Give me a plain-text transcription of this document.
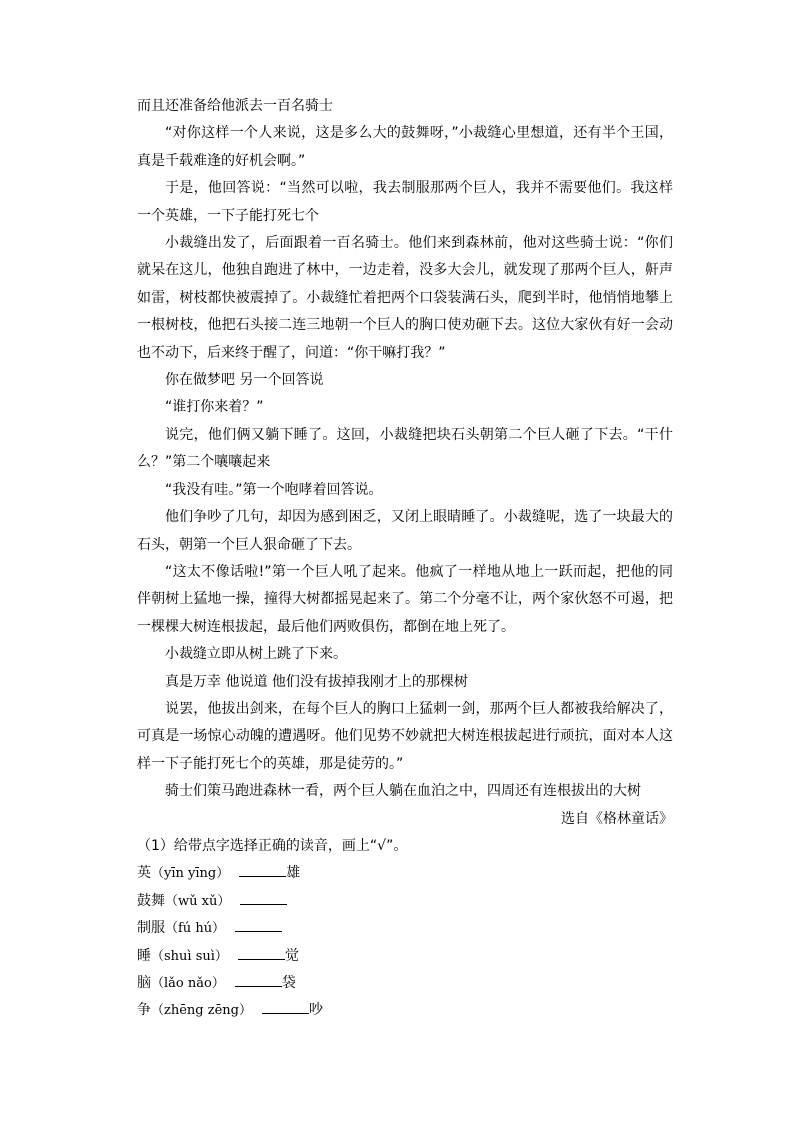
而且还准备给他派去一百名骑士

“对你这样一个人来说，这是多么大的鼓舞呀，”小裁缝心里想道，还有半个王国，真是千载难逢的好机会啊。”

于是，他回答说：“当然可以啦，我去制服那两个巨人，我并不需要他们。我这样一个英雄，一下子能打死七个

小裁缝出发了，后面跟着一百名骑士。他们来到森林前，他对这些骑士说：“你们就呆在这儿，他独自跑进了林中，一边走着，没多大会儿，就发现了那两个巨人，鼾声如雷，树枝都快被震掉了。小裁缝忙着把两个口袋装满石头，爬到半时，他悄悄地攀上一根树枝，他把石头接二连三地朝一个巨人的胸口使劝砸下去。这位大家伙有好一会动也不动下，后来终于醒了，问道：“你干嘛打我？”

你在做梦吧 另一个回答说

“谁打你来着？”

说完，他们俩又躺下睡了。这回，小裁缝把块石头朝第二个巨人砸了下去。“干什么？”第二个嚷嚷起来

“我没有哇。”第一个咆哮着回答说。

他们争吵了几句，却因为感到困乏，又闭上眼睛睡了。小裁缝呢，选了一块最大的石头，朝第一个巨人狠命砸了下去。

“这太不像话啦!”第一个巨人吼了起来。他疯了一样地从地上一跃而起，把他的同伴朝树上猛地一操，撞得大树都摇晃起来了。第二个分毫不让，两个家伙怒不可遏，把一棵棵大树连根拔起，最后他们两败俱伤，都倒在地上死了。

小裁缝立即从树上跳了下来。

真是万幸 他说道 他们没有拔掉我刚才上的那棵树

说罢，他拔出剑来，在每个巨人的胸口上猛刺一剑，那两个巨人都被我给解决了，可真是一场惊心动魄的遭遇呀。他们见势不妙就把大树连根拔起进行顽抗，面对本人这样一下子能打死七个的英雄，那是徒劳的。”

骑士们策马跑进森林一看，两个巨人躺在血泊之中，四周还有连根拔出的大树

选自《格林童话》

（1）给带点字选择正确的读音，画上“√”。

英 （yīn yīng）	雄
鼓舞 （wǔ xǔ）
制服 （fú hú）
睡 （shuì suì）	觉
脑 （lǎo nǎo）	袋
争 （zhēng zēng）	吵
